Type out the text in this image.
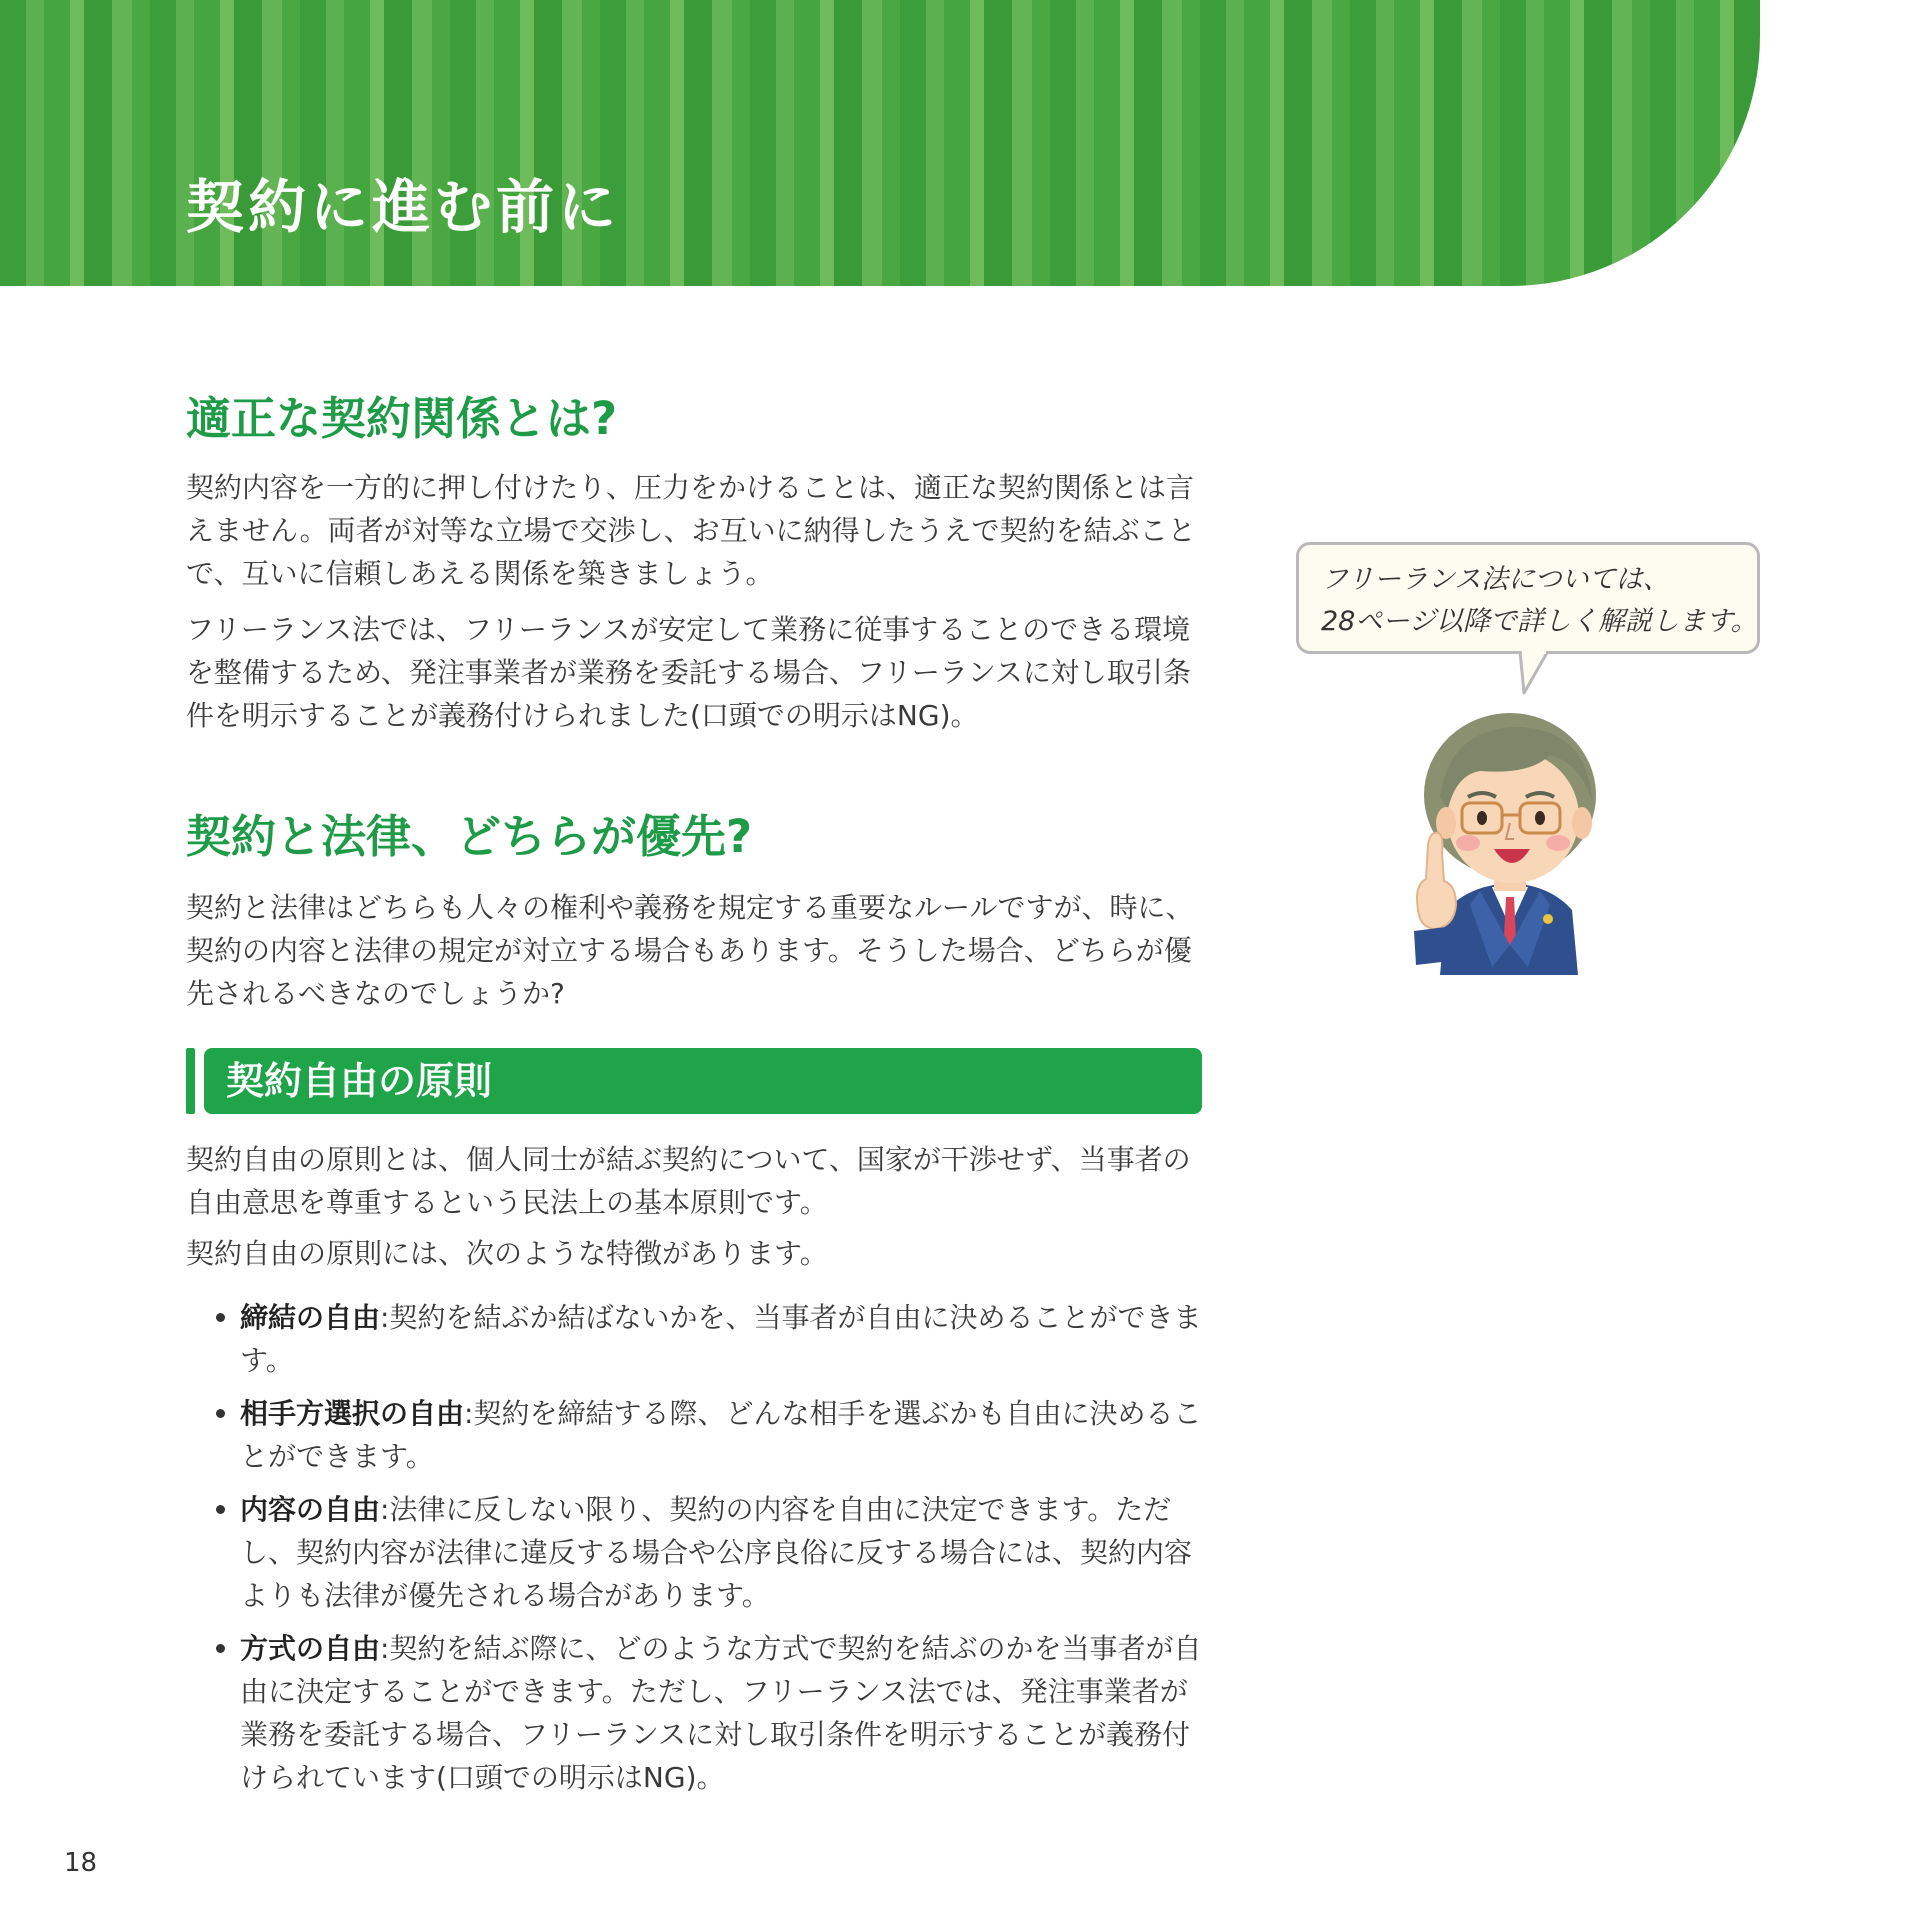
契約に進む前に
適正な契約関係とは?

契約内容を一方的に押し付けたり、圧力をかけることは、適正な契約関係とは言えません。両者が対等な立場で交渉し、お互いに納得したうえで契約を結ぶことで、互いに信頼しあえる関係を築きましょう。

フリーランス法では、フリーランスが安定して業務に従事することのできる環境を整備するため、発注事業者が業務を委託する場合、フリーランスに対し取引条件を明示することが義務付けられました(口頭での明示はNG)。

契約と法律、どちらが優先?

契約と法律はどちらも人々の権利や義務を規定する重要なルールですが、時に、契約の内容と法律の規定が対立する場合もあります。そうした場合、どちらが優先されるべきなのでしょうか?

契約自由の原則

契約自由の原則とは、個人同士が結ぶ契約について、国家が干渉せず、当事者の自由意思を尊重するという民法上の基本原則です。

契約自由の原則には、次のような特徴があります。

締結の自由:契約を結ぶか結ばないかを、当事者が自由に決めることができます。
相手方選択の自由:契約を締結する際、どんな相手を選ぶかも自由に決めることができます。
内容の自由:法律に反しない限り、契約の内容を自由に決定できます。ただし、契約内容が法律に違反する場合や公序良俗に反する場合には、契約内容よりも法律が優先される場合があります。
方式の自由:契約を結ぶ際に、どのような方式で契約を結ぶのかを当事者が自由に決定することができます。ただし、フリーランス法では、発注事業者が業務を委託する場合、フリーランスに対し取引条件を明示することが義務付けられています(口頭での明示はNG)。
フリーランス法については、
28ページ以降で詳しく解説します。

18
